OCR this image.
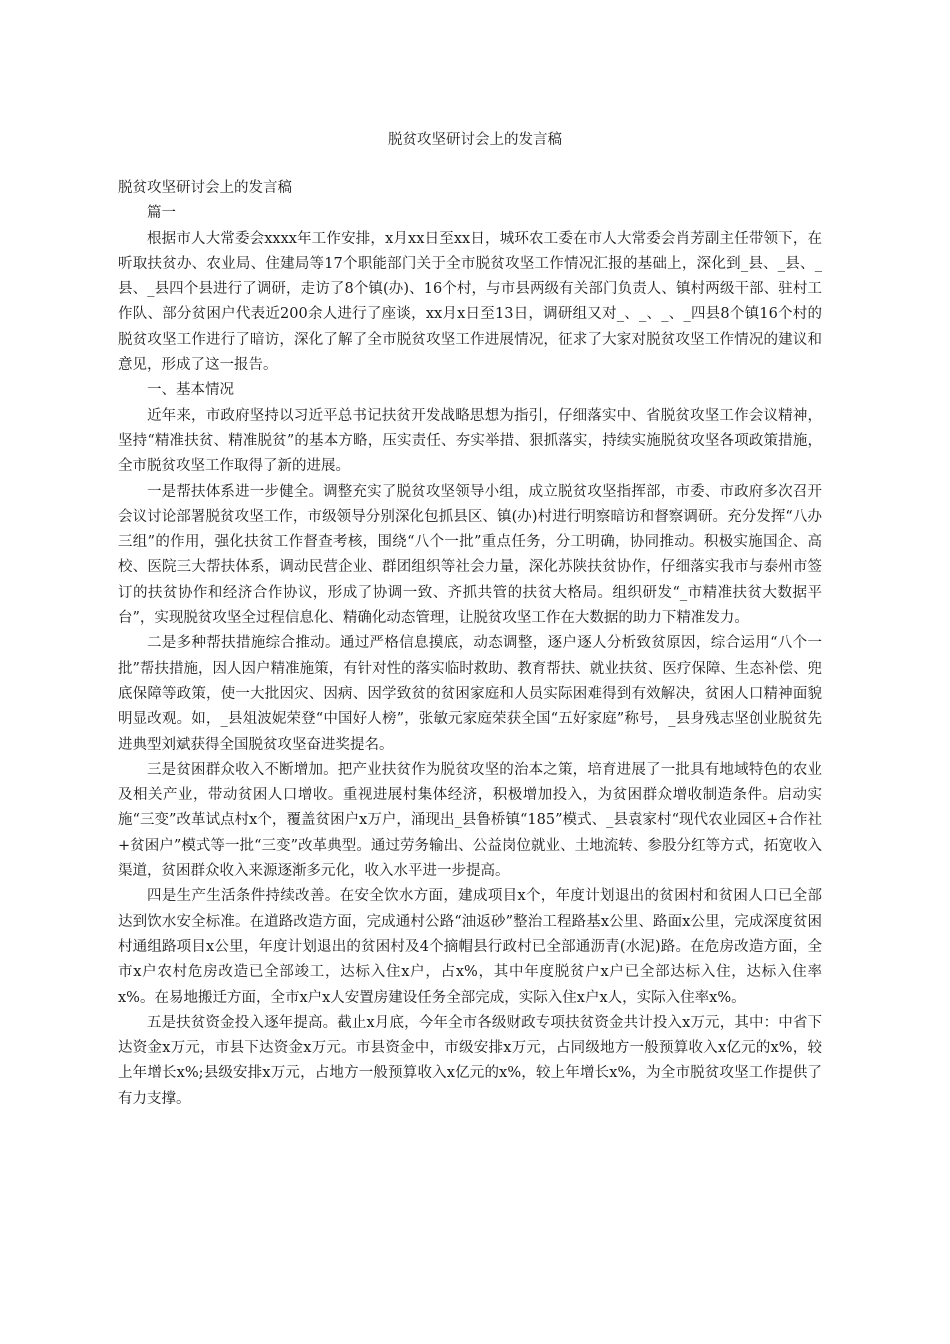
脱贫攻坚研讨会上的发言稿

脱贫攻坚研讨会上的发言稿

篇一

根据市人大常委会xxxx年工作安排，x月xx日至xx日，城环农工委在市人大常委会肖芳副主任带领下，在听取扶贫办、农业局、住建局等17个职能部门关于全市脱贫攻坚工作情况汇报的基础上，深化到_县、_县、_县、_县四个县进行了调研，走访了8个镇(办)、16个村，与市县两级有关部门负责人、镇村两级干部、驻村工作队、部分贫困户代表近200余人进行了座谈，xx月x日至13日，调研组又对_、_、_、_四县8个镇16个村的脱贫攻坚工作进行了暗访，深化了解了全市脱贫攻坚工作进展情况，征求了大家对脱贫攻坚工作情况的建议和意见，形成了这一报告。

一、基本情况

近年来，市政府坚持以习近平总书记扶贫开发战略思想为指引，仔细落实中、省脱贫攻坚工作会议精神，坚持“精准扶贫、精准脱贫”的基本方略，压实责任、夯实举措、狠抓落实，持续实施脱贫攻坚各项政策措施，全市脱贫攻坚工作取得了新的进展。

一是帮扶体系进一步健全。调整充实了脱贫攻坚领导小组，成立脱贫攻坚指挥部，市委、市政府多次召开会议讨论部署脱贫攻坚工作，市级领导分别深化包抓县区、镇(办)村进行明察暗访和督察调研。充分发挥“八办三组”的作用，强化扶贫工作督查考核，围绕“八个一批”重点任务，分工明确，协同推动。积极实施国企、高校、医院三大帮扶体系，调动民营企业、群团组织等社会力量，深化苏陕扶贫协作，仔细落实我市与泰州市签订的扶贫协作和经济合作协议，形成了协调一致、齐抓共管的扶贫大格局。组织研发“_市精准扶贫大数据平台”，实现脱贫攻坚全过程信息化、精确化动态管理，让脱贫攻坚工作在大数据的助力下精准发力。

二是多种帮扶措施综合推动。通过严格信息摸底，动态调整，逐户逐人分析致贫原因，综合运用“八个一批”帮扶措施，因人因户精准施策，有针对性的落实临时救助、教育帮扶、就业扶贫、医疗保障、生态补偿、兜底保障等政策，使一大批因灾、因病、因学致贫的贫困家庭和人员实际困难得到有效解决，贫困人口精神面貌明显改观。如，_县俎波妮荣登“中国好人榜”，张敏元家庭荣获全国“五好家庭”称号，_县身残志坚创业脱贫先进典型刘斌获得全国脱贫攻坚奋进奖提名。

三是贫困群众收入不断增加。把产业扶贫作为脱贫攻坚的治本之策，培育进展了一批具有地域特色的农业及相关产业，带动贫困人口增收。重视进展村集体经济，积极增加投入，为贫困群众增收制造条件。启动实施“三变”改革试点村x个，覆盖贫困户x万户，涌现出_县鲁桥镇“185”模式、_县袁家村“现代农业园区+合作社+贫困户”模式等一批“三变”改革典型。通过劳务输出、公益岗位就业、土地流转、参股分红等方式，拓宽收入渠道，贫困群众收入来源逐渐多元化，收入水平进一步提高。

四是生产生活条件持续改善。在安全饮水方面，建成项目x个，年度计划退出的贫困村和贫困人口已全部达到饮水安全标准。在道路改造方面，完成通村公路“油返砂”整治工程路基x公里、路面x公里，完成深度贫困村通组路项目x公里，年度计划退出的贫困村及4个摘帽县行政村已全部通沥青(水泥)路。在危房改造方面，全市x户农村危房改造已全部竣工，达标入住x户，占x%，其中年度脱贫户x户已全部达标入住，达标入住率x%。在易地搬迁方面，全市x户x人安置房建设任务全部完成，实际入住x户x人，实际入住率x%。

五是扶贫资金投入逐年提高。截止x月底，今年全市各级财政专项扶贫资金共计投入x万元，其中：中省下达资金x万元，市县下达资金x万元。市县资金中，市级安排x万元，占同级地方一般预算收入x亿元的x%，较上年增长x%;县级安排x万元，占地方一般预算收入x亿元的x%，较上年增长x%，为全市脱贫攻坚工作提供了有力支撑。
